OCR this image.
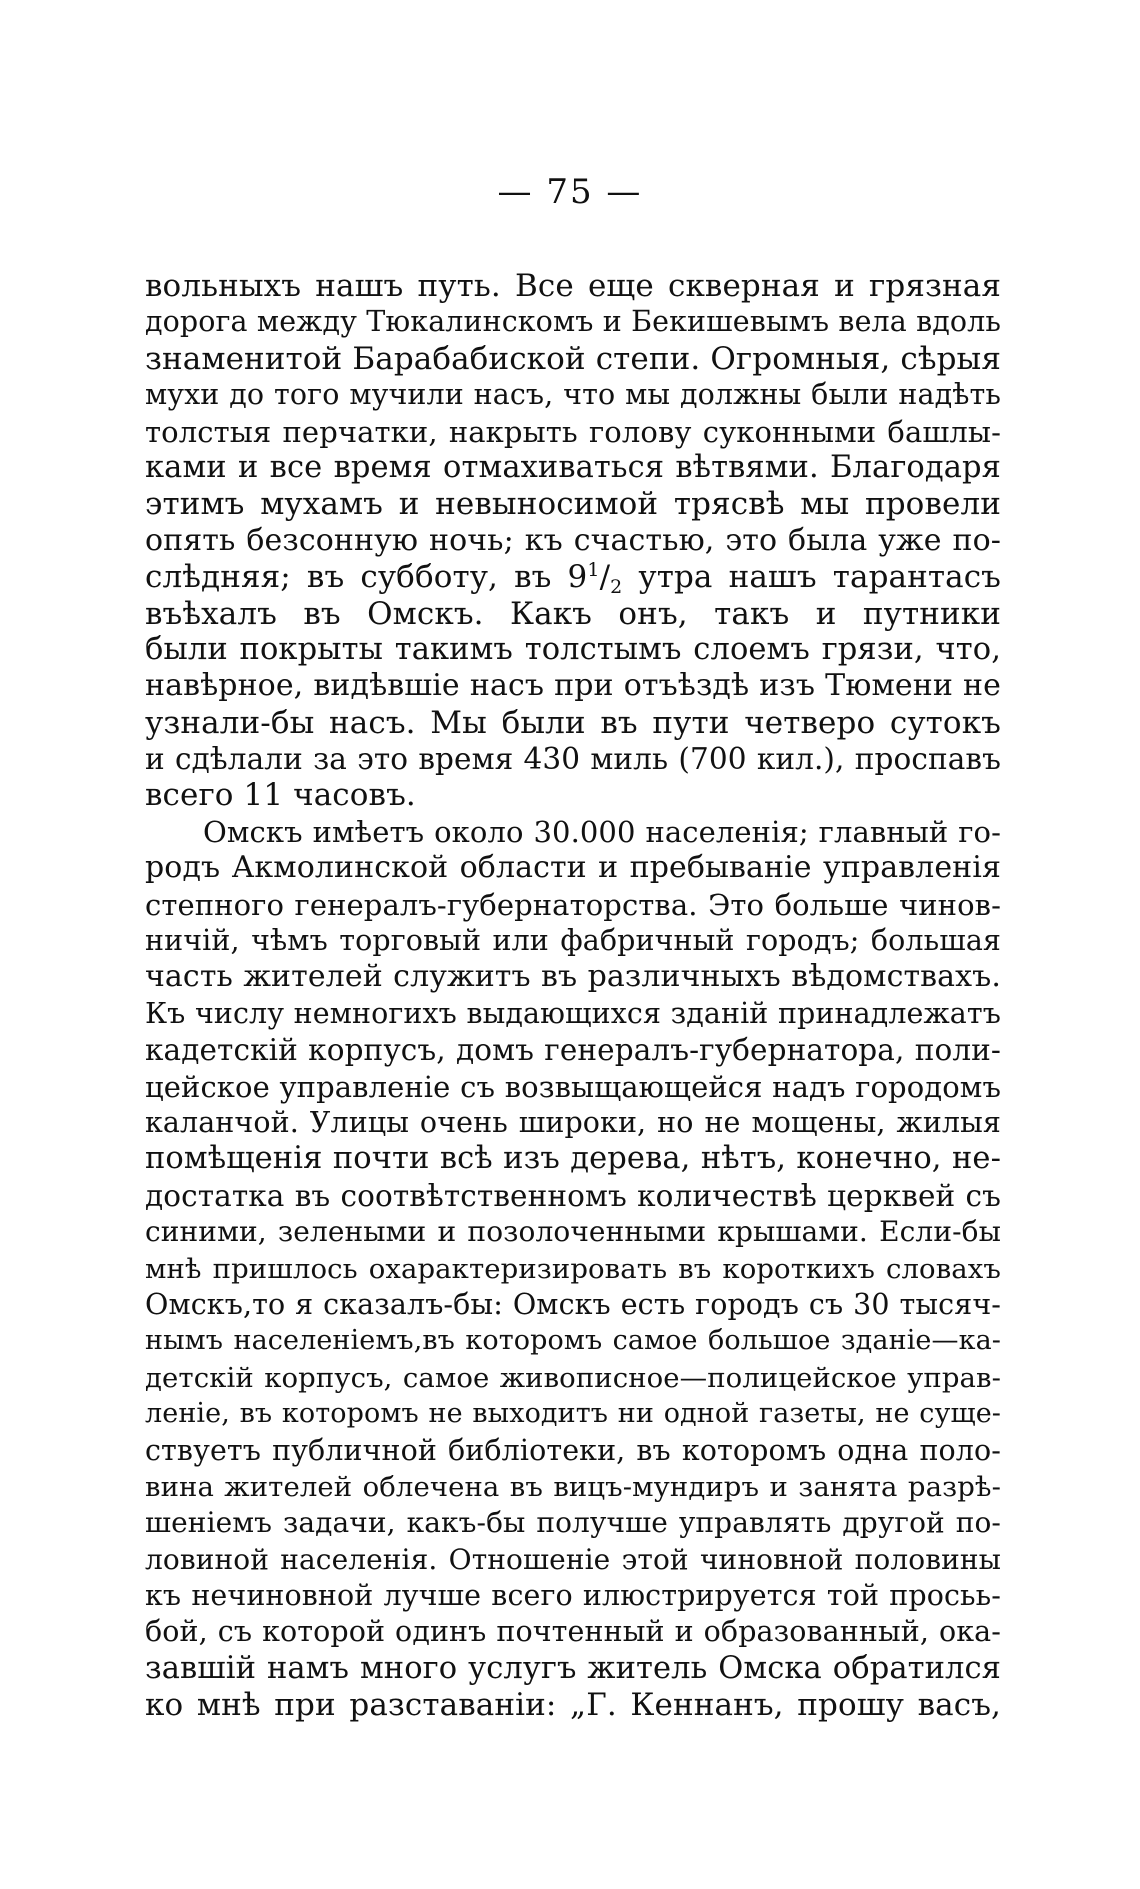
— 75 —
вольныхъ нашъ путь. Все еще скверная и грязная
дорога между Тюкалинскомъ и Бекишевымъ вела вдоль
знаменитой Барабабиской степи. Огромныя, сѣрыя
мухи до того мучили насъ, что мы должны были надѣть
толстыя перчатки, накрыть голову суконными башлы-
ками и все время отмахиваться вѣтвями. Благодаря
этимъ мухамъ и невыносимой трясвѣ мы провели
опять безсонную ночь; къ счастью, это была уже по-
слѣдняя; въ субботу, въ $9^1/_2$ утра нашъ тарантасъ
въѣхалъ въ Омскъ. Какъ онъ, такъ и путники
были покрыты такимъ толстымъ слоемъ грязи, что,
навѣрное, видѣвшіе насъ при отъѣздѣ изъ Тюмени не
узнали-бы насъ. Мы были въ пути четверо сутокъ
и сдѣлали за это время 430 миль (700 кил.), проспавъ
всего 11 часовъ.
Омскъ имѣетъ около 30.000 населенія; главный го-
родъ Акмолинской области и пребываніе управленія
степного генералъ-губернаторства. Это больше чинов-
ничій, чѣмъ торговый или фабричный городъ; большая
часть жителей служитъ въ различныхъ вѣдомствахъ.
Къ числу немногихъ выдающихся зданій принадлежатъ
кадетскій корпусъ, домъ генералъ-губернатора, поли-
цейское управленіе съ возвыщающейся надъ городомъ
каланчой. Улицы очень широки, но не мощены, жилыя
помѣщенія почти всѣ изъ дерева, нѣтъ, конечно, не-
достатка въ соотвѣтственномъ количествѣ церквей съ
синими, зелеными и позолоченными крышами. Если-бы
мнѣ пришлось охарактеризировать въ короткихъ словахъ
Омскъ,то я сказалъ-бы: Омскъ есть городъ съ 30 тысяч-
нымъ населеніемъ,въ которомъ самое большое зданіе—ка-
детскій корпусъ, самое живописное—полицейское управ-
леніе, въ которомъ не выходитъ ни одной газеты, не суще-
ствуетъ публичной библіотеки, въ которомъ одна поло-
вина жителей облечена въ вицъ-мундиръ и занята разрѣ-
шеніемъ задачи, какъ-бы получше управлять другой по-
ловиной населенія. Отношеніе этой чиновной половины
къ нечиновной лучше всего илюстрируется той просьь-
бой, съ которой одинъ почтенный и образованный, ока-
завшій намъ много услугъ житель Омска обратился
ко мнѣ при разставаніи: „Г. Кеннанъ, прошу васъ,
